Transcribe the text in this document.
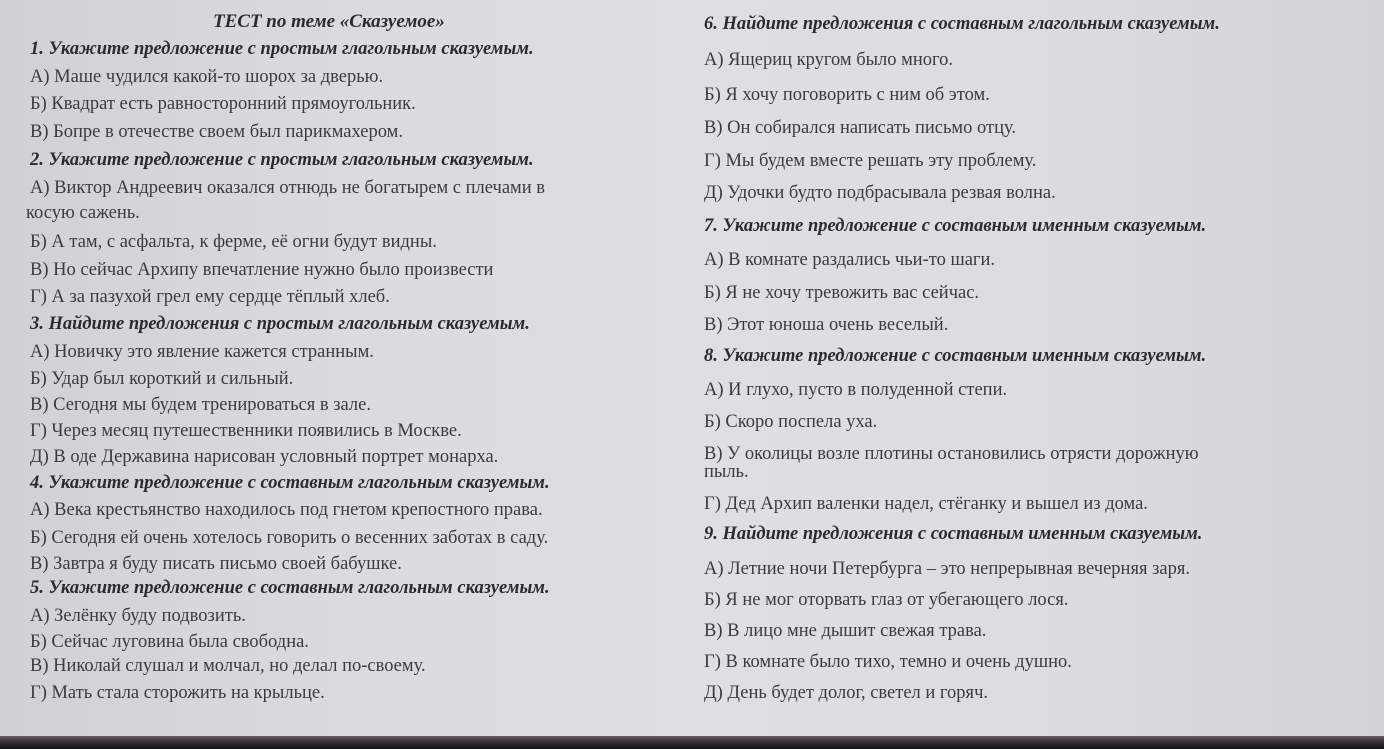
ТЕСТ по теме «Сказуемое»
1. Укажите предложение с простым глагольным сказуемым.
А) Маше чудился какой-то шорох за дверью.
Б) Квадрат есть равносторонний прямоугольник.
В) Бопре в отечестве своем был парикмахером.
2. Укажите предложение с простым глагольным сказуемым.
А) Виктор Андреевич оказался отнюдь не богатырем с плечами в
косую сажень.
Б) А там, с асфальта, к ферме, её огни будут видны.
В) Но сейчас Архипу впечатление нужно было произвести
Г) А за пазухой грел ему сердце тёплый хлеб.
3. Найдите предложения с простым глагольным сказуемым.
А) Новичку это явление кажется странным.
Б) Удар был короткий и сильный.
В) Сегодня мы будем тренироваться в зале.
Г) Через месяц путешественники появились в Москве.
Д) В оде Державина нарисован условный портрет монарха.
4. Укажите предложение с составным глагольным сказуемым.
А) Века крестьянство находилось под гнетом крепостного права.
Б) Сегодня ей очень хотелось говорить о весенних заботах в саду.
В) Завтра я буду писать письмо своей бабушке.
5. Укажите предложение с составным глагольным сказуемым.
А) Зелёнку буду подвозить.
Б) Сейчас луговина была свободна.
В) Николай слушал и молчал, но делал по-своему.
Г) Мать стала сторожить на крыльце.
6. Найдите предложения с составным глагольным сказуемым.
А) Ящериц кругом было много.
Б) Я хочу поговорить с ним об этом.
В) Он собирался написать письмо отцу.
Г) Мы будем вместе решать эту проблему.
Д) Удочки будто подбрасывала резвая волна.
7. Укажите предложение с составным именным сказуемым.
А) В комнате раздались чьи-то шаги.
Б) Я не хочу тревожить вас сейчас.
В) Этот юноша очень веселый.
8. Укажите предложение с составным именным сказуемым.
А) И глухо, пусто в полуденной степи.
Б) Скоро поспела уха.
В) У околицы возле плотины остановились отрясти дорожную
пыль.
Г) Дед Архип валенки надел, стёганку и вышел из дома.
9. Найдите предложения с составным именным сказуемым.
А) Летние ночи Петербурга – это непрерывная вечерняя заря.
Б) Я не мог оторвать глаз от убегающего лося.
В) В лицо мне дышит свежая трава.
Г) В комнате было тихо, темно и очень душно.
Д) День будет долог, светел и горяч.
